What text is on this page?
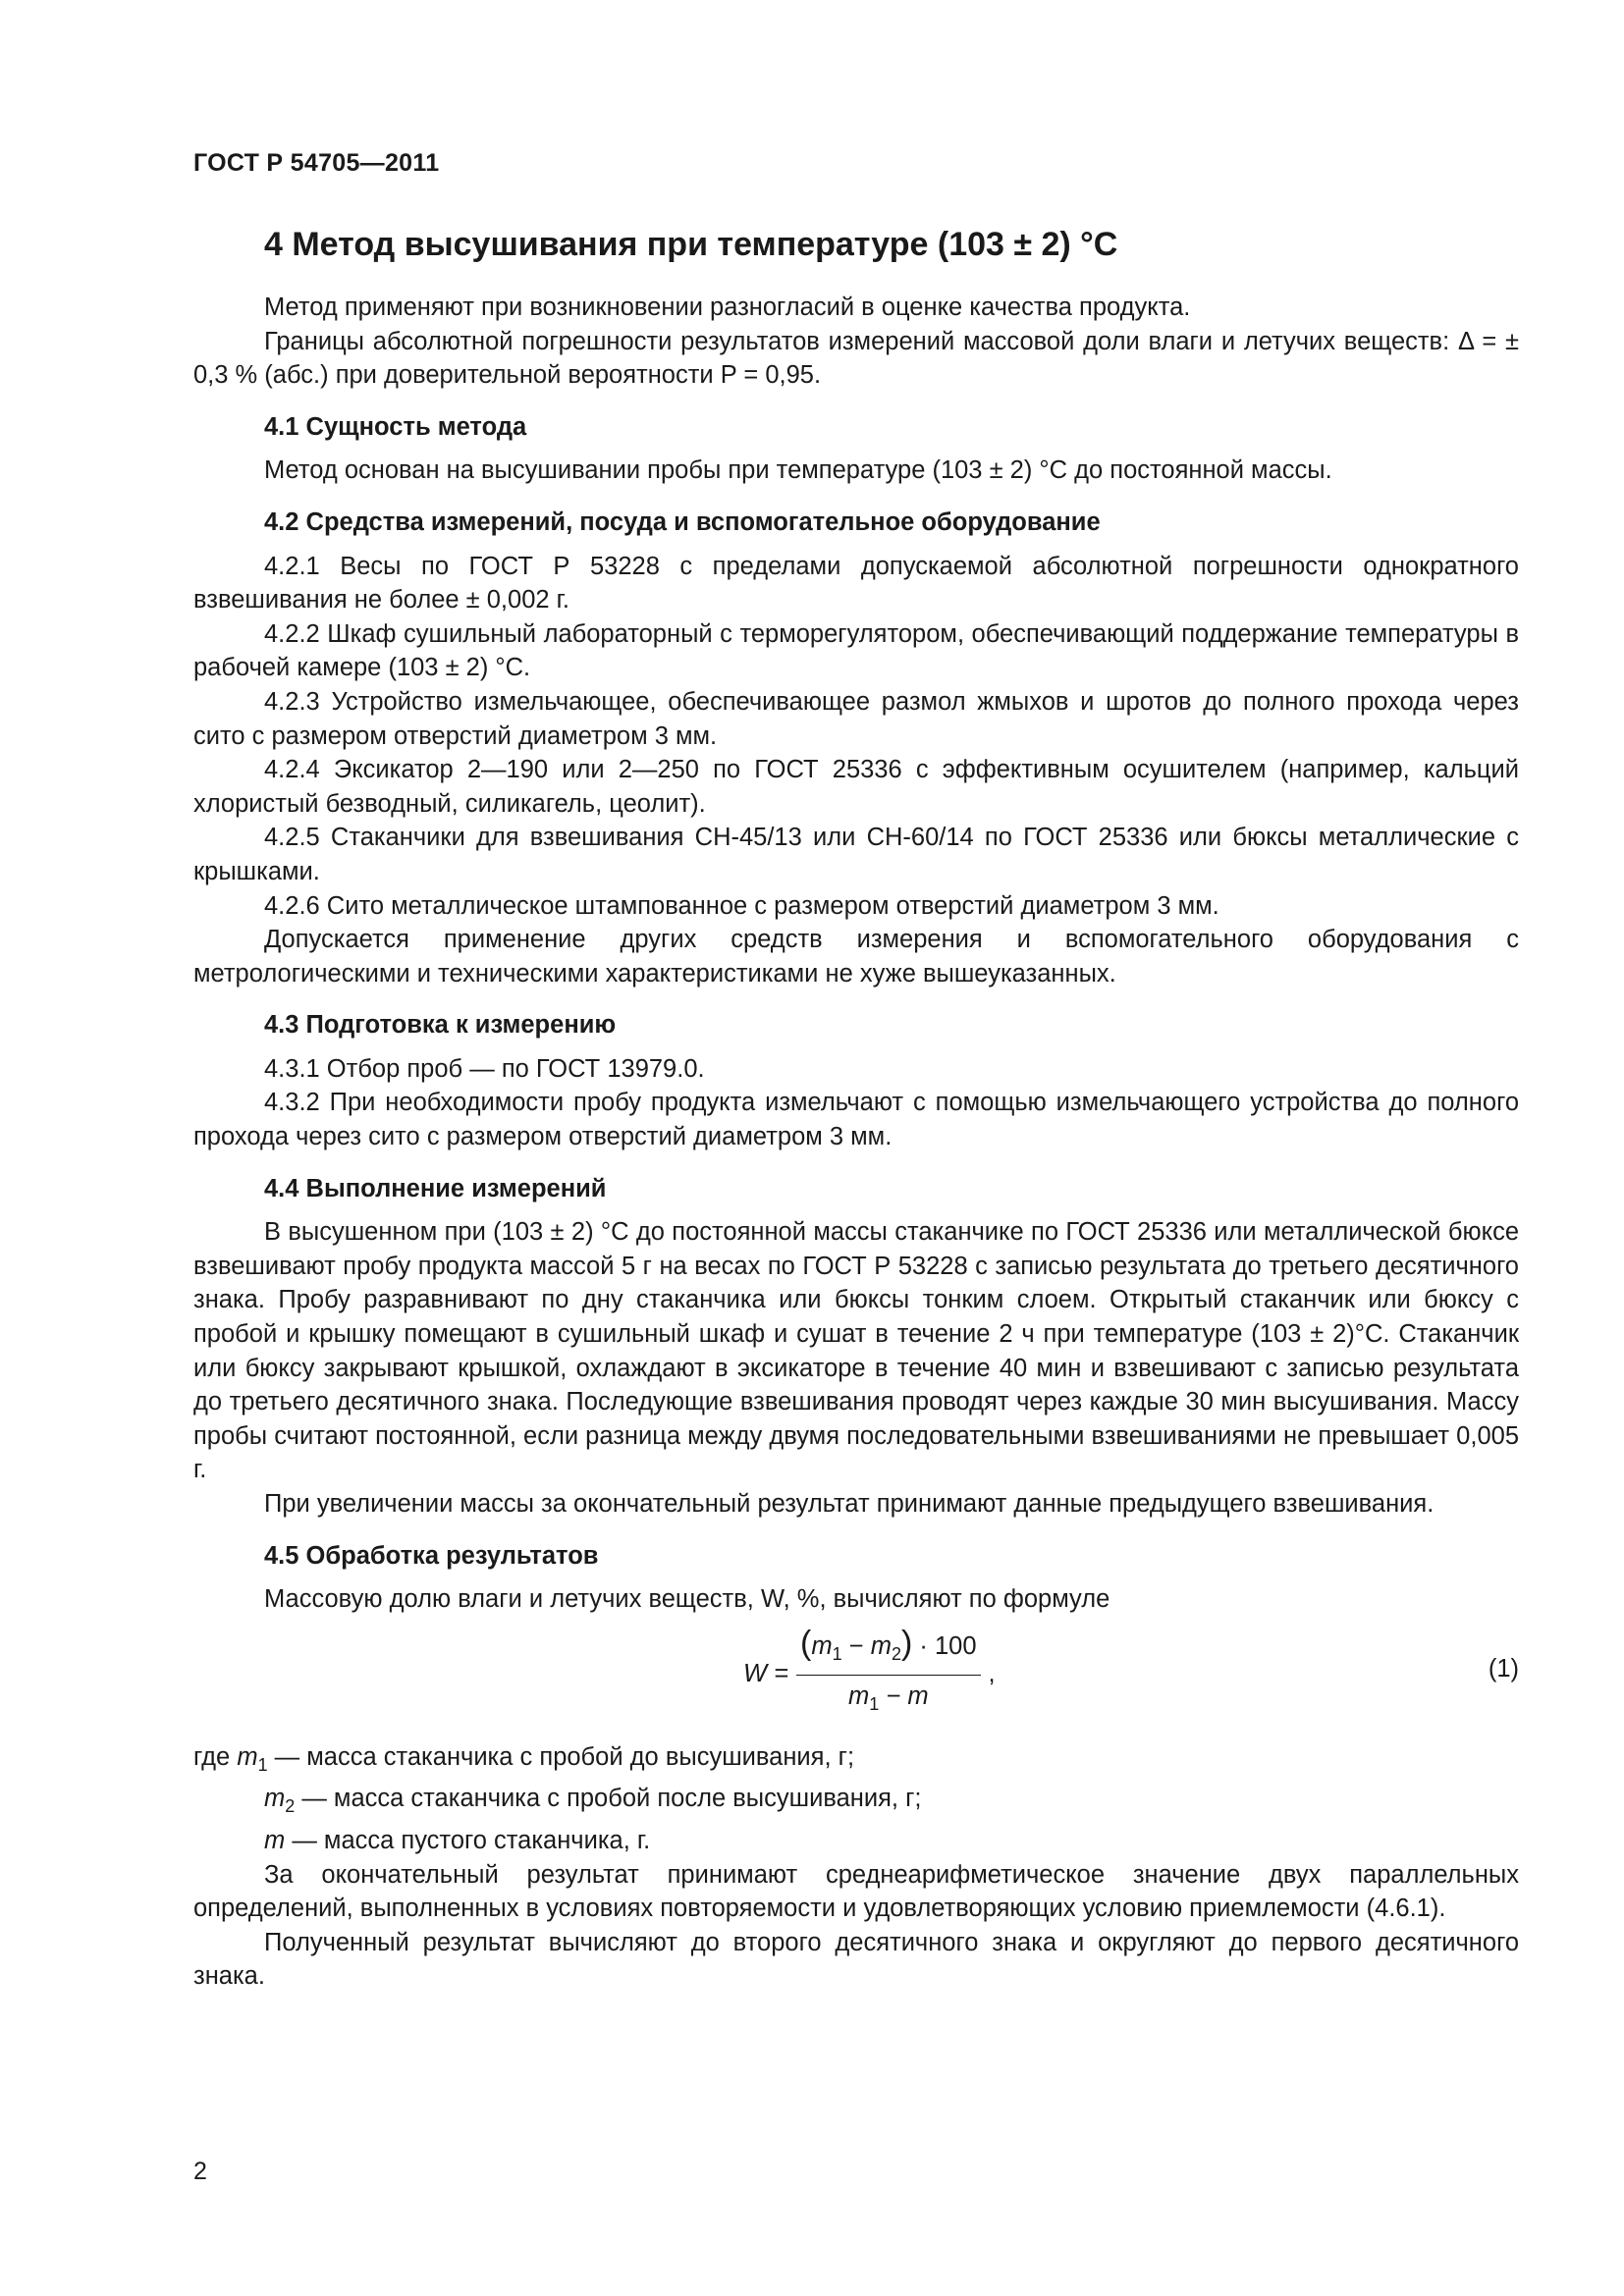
ГОСТ Р 54705—2011
4 Метод высушивания при температуре (103 ± 2) °С

Метод применяют при возникновении разногласий в оценке качества продукта.

Границы абсолютной погрешности результатов измерений массовой доли влаги и летучих веществ: Δ = ± 0,3 % (абс.) при доверительной вероятности P = 0,95.

4.1 Сущность метода

Метод основан на высушивании пробы при температуре (103 ± 2) °С до постоянной массы.

4.2 Средства измерений, посуда и вспомогательное оборудование

4.2.1 Весы по ГОСТ Р 53228 с пределами допускаемой абсолютной погрешности однократного взвешивания не более ± 0,002 г.

4.2.2 Шкаф сушильный лабораторный с терморегулятором, обеспечивающий поддержание температуры в рабочей камере (103 ± 2) °С.

4.2.3 Устройство измельчающее, обеспечивающее размол жмыхов и шротов до полного прохода через сито с размером отверстий диаметром 3 мм.

4.2.4 Эксикатор 2—190 или 2—250 по ГОСТ 25336 с эффективным осушителем (например, кальций хлористый безводный, силикагель, цеолит).

4.2.5 Стаканчики для взвешивания СН-45/13 или СН-60/14 по ГОСТ 25336 или бюксы металлические с крышками.

4.2.6 Сито металлическое штампованное с размером отверстий диаметром 3 мм.

Допускается применение других средств измерения и вспомогательного оборудования с метрологическими и техническими характеристиками не хуже вышеуказанных.

4.3 Подготовка к измерению

4.3.1 Отбор проб — по ГОСТ 13979.0.

4.3.2 При необходимости пробу продукта измельчают с помощью измельчающего устройства до полного прохода через сито с размером отверстий диаметром 3 мм.

4.4 Выполнение измерений

В высушенном при (103 ± 2) °С до постоянной массы стаканчике по ГОСТ 25336 или металлической бюксе взвешивают пробу продукта массой 5 г на весах по ГОСТ Р 53228 с записью результата до третьего десятичного знака. Пробу разравнивают по дну стаканчика или бюксы тонким слоем. Открытый стаканчик или бюксу с пробой и крышку помещают в сушильный шкаф и сушат в течение 2 ч при температуре (103 ± 2)°С. Стаканчик или бюксу закрывают крышкой, охлаждают в эксикаторе в течение 40 мин и взвешивают с записью результата до третьего десятичного знака. Последующие взвешивания проводят через каждые 30 мин высушивания. Массу пробы считают постоянной, если разница между двумя последовательными взвешиваниями не превышает 0,005 г.

При увеличении массы за окончательный результат принимают данные предыдущего взвешивания.

4.5 Обработка результатов

Массовую долю влаги и летучих веществ, W, %, вычисляют по формуле

$W = \frac{(m_1 - m_2) \cdot 100}{m_1 - m}$ ,	(1)
где $m_1$ — масса стаканчика с пробой до высушивания, г;
$m_2$ — масса стаканчика с пробой после высушивания, г;
m — масса пустого стаканчика, г.

За окончательный результат принимают среднеарифметическое значение двух параллельных определений, выполненных в условиях повторяемости и удовлетворяющих условию приемлемости (4.6.1).

Полученный результат вычисляют до второго десятичного знака и округляют до первого десятичного знака.

2
